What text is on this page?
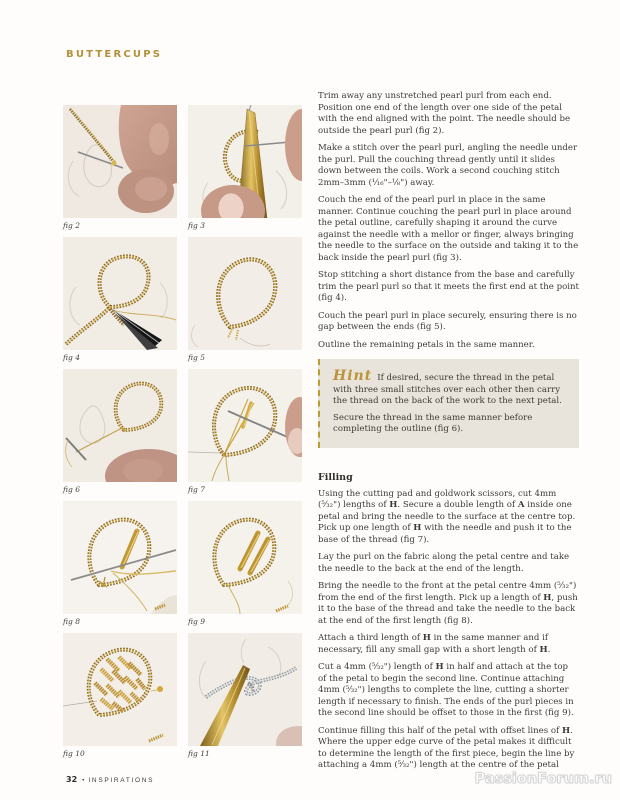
BUTTERCUPS
fig 2	fig 3
fig 4	fig 5
fig 6	fig 7
fig 8	fig 9
fig 10	fig 11

Trim away any unstretched pearl purl from each end. Position one end of the length over one side of the petal with the end aligned with the point. The needle should be outside the pearl purl (fig 2).

Make a stitch over the pearl purl, angling the needle under the purl. Pull the couching thread gently until it slides down between the coils. Work a second couching stitch 2mm–3mm (¹⁄₁₆"–⅛") away.

Couch the end of the pearl purl in place in the same manner. Continue couching the pearl purl in place around the petal outline, carefully shaping it around the curve against the needle with a mellor or finger, always bringing the needle to the surface on the outside and taking it to the back inside the pearl purl (fig 3).

Stop stitching a short distance from the base and carefully trim the pearl purl so that it meets the first end at the point (fig 4).

Couch the pearl purl in place securely, ensuring there is no gap between the ends (fig 5).

Outline the remaining petals in the same manner.

Hint If desired, secure the thread in the petal with three small stitches over each other then carry the thread on the back of the work to the next petal.

Secure the thread in the same manner before completing the outline (fig 6).

Filling

Using the cutting pad and goldwork scissors, cut 4mm (⁵⁄₃₂") lengths of H. Secure a double length of A inside one petal and bring the needle to the surface at the centre top. Pick up one length of H with the needle and push it to the base of the thread (fig 7).

Lay the purl on the fabric along the petal centre and take the needle to the back at the end of the length.

Bring the needle to the front at the petal centre 4mm (⁵⁄₃₂") from the end of the first length. Pick up a length of H, push it to the base of the thread and take the needle to the back at the end of the first length (fig 8).

Attach a third length of H in the same manner and if necessary, fill any small gap with a short length of H.

Cut a 4mm (⁵⁄₃₂") length of H in half and attach at the top of the petal to begin the second line. Continue attaching 4mm (⁵⁄₃₂") lengths to complete the line, cutting a shorter length if necessary to finish. The ends of the purl pieces in the second line should be offset to those in the first (fig 9).

Continue filling this half of the petal with offset lines of H. Where the upper edge curve of the petal makes it difficult to determine the length of the first piece, begin the line by attaching a 4mm (⁵⁄₃₂") length at the centre of the petal

32 • INSPIRATIONS	PassionForum.ru
